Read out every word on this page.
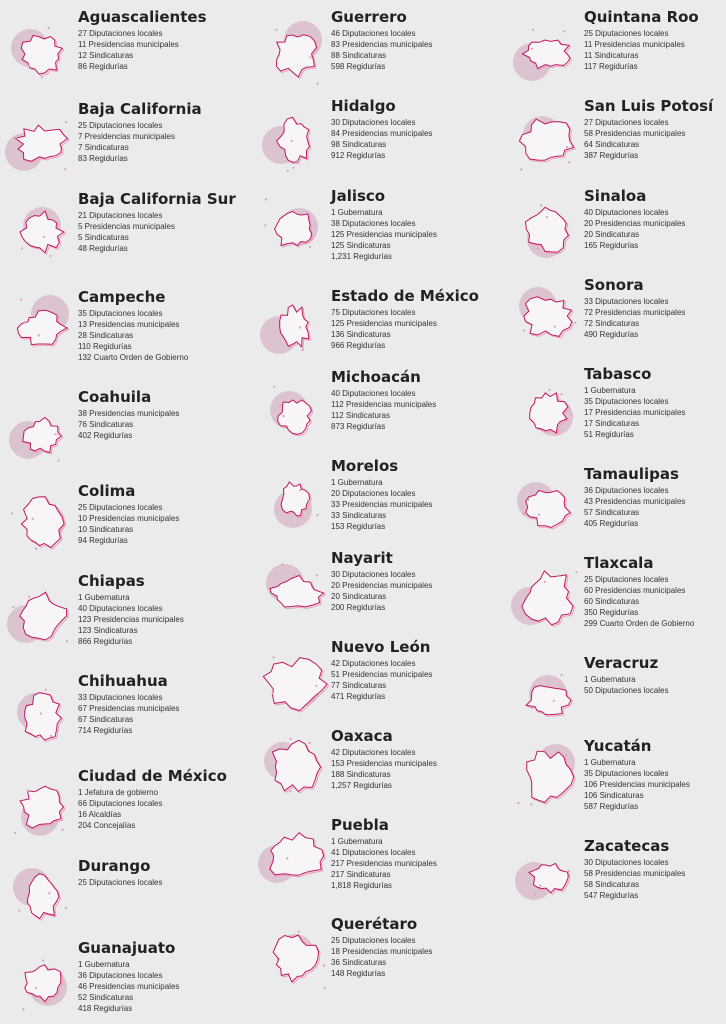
Aguascalientes
27 Diputaciones locales
11 Presidencias municipales
12 Sindicaturas
86 Regidurías
Baja California
25 Diputaciones locales
7 Presidencias municipales
7 Sindicaturas
83 Regidurías
Baja California Sur
21 Diputaciones locales
5 Presidencias municipales
5 Sindicaturas
48 Regidurías
Campeche
35 Diputaciones locales
13 Presidencias municipales
28 Sindicaturas
110 Regidurías
132 Cuarto Orden de Gobierno
Coahuila
38 Presidencias municipales
76 Sindicaturas
402 Regidurías
Colima
25 Diputaciones locales
10 Presidencias municipales
10 Sindicaturas
94 Regidurías
Chiapas
1 Gubernatura
40 Diputaciones locales
123 Presidencias municipales
123 Sindicaturas
866 Regidurías
Chihuahua
33 Diputaciones locales
67 Presidencias municipales
67 Sindicaturas
714 Regidurías
Ciudad de México
1 Jefatura de gobierno
66 Diputaciones locales
16 Alcaldías
204 Concejalías
Durango
25 Diputaciones locales
Guanajuato
1 Gubernatura
36 Diputaciones locales
46 Presidencias municipales
52 Sindicaturas
418 Regidurías
Guerrero
46 Diputaciones locales
83 Presidencias municipales
88 Sindicaturas
598 Regidurías
Hidalgo
30 Diputaciones locales
84 Presidencias municipales
98 Sindicaturas
912 Regidurías
Jalisco
1 Gubernatura
38 Diputaciones locales
125 Presidencias municipales
125 Sindicaturas
1,231 Regidurías
Estado de México
75 Diputaciones locales
125 Presidencias municipales
136 Sindicaturas
966 Regidurías
Michoacán
40 Diputaciones locales
112 Presidencias municipales
112 Sindicaturas
873 Regidurías
Morelos
1 Gubernatura
20 Diputaciones locales
33 Presidencias municipales
33 Sindicaturas
153 Regidurías
Nayarit
30 Diputaciones locales
20 Presidencias municipales
20 Sindicaturas
200 Regidurías
Nuevo León
42 Diputaciones locales
51 Presidencias municipales
77 Sindicaturas
471 Regidurías
Oaxaca
42 Diputaciones locales
153 Presidencias municipales
188 Sindicaturas
1,257 Regidurías
Puebla
1 Gubernatura
41 Diputaciones locales
217 Presidencias municipales
217 Sindicaturas
1,818 Regidurías
Querétaro
25 Diputaciones locales
18 Presidencias municipales
36 Sindicaturas
148 Regidurías
Quintana Roo
25 Diputaciones locales
11 Presidencias municipales
11 Sindicaturas
117 Regidurías
San Luis Potosí
27 Diputaciones locales
58 Presidencias municipales
64 Sindicaturas
387 Regidurías
Sinaloa
40 Diputaciones locales
20 Presidencias municipales
20 Sindicaturas
165 Regidurías
Sonora
33 Diputaciones locales
72 Presidencias municipales
72 Sindicaturas
490 Regidurías
Tabasco
1 Gubernatura
35 Diputaciones locales
17 Presidencias municipales
17 Sindicaturas
51 Regidurías
Tamaulipas
36 Diputaciones locales
43 Presidencias municipales
57 Sindicaturas
405 Regidurías
Tlaxcala
25 Diputaciones locales
60 Presidencias municipales
60 Sindicaturas
350 Regidurías
299 Cuarto Orden de Gobierno
Veracruz
1 Gubernatura
50 Diputaciones locales
Yucatán
1 Gubernatura
35 Diputaciones locales
106 Presidencias municipales
106 Sindicaturas
587 Regidurías
Zacatecas
30 Diputaciones locales
58 Presidencias municipales
58 Sindicaturas
547 Regidurías
